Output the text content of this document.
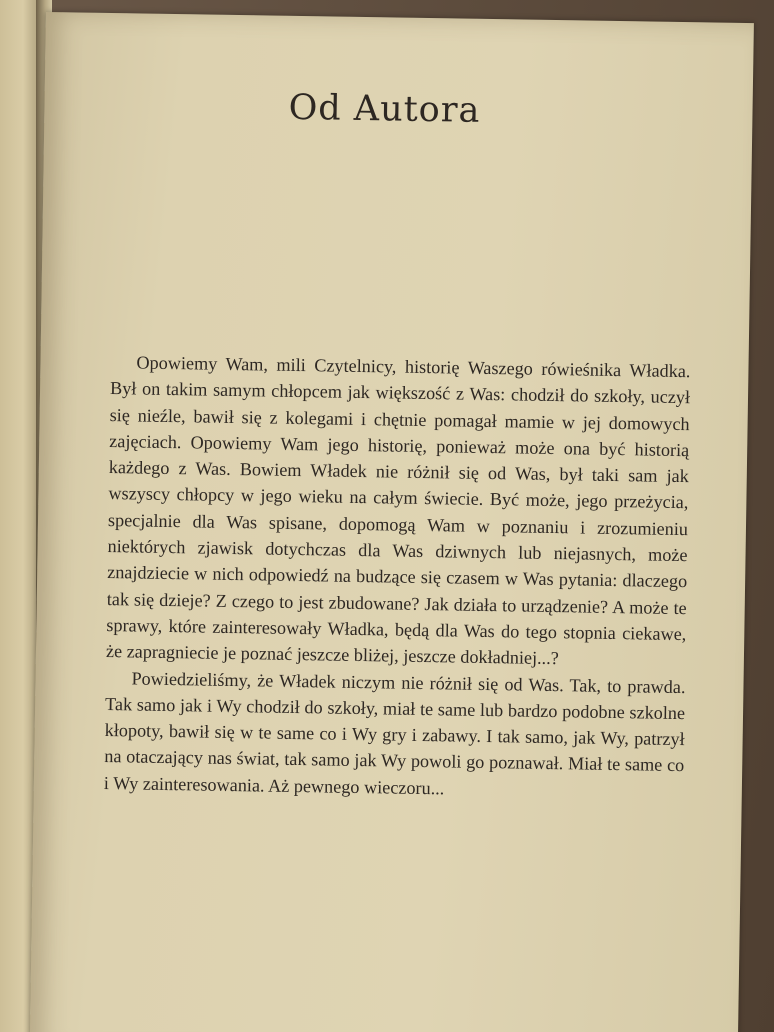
Od Autora

Opowiemy Wam, mili Czytelnicy, historię Waszego rówieśnika Władka. Był on takim samym chłopcem jak większość z Was: chodził do szkoły, uczył się nieźle, bawił się z kolegami i chętnie pomagał mamie w jej domowych zajęciach. Opowiemy Wam jego historię, ponieważ może ona być historią każdego z Was. Bowiem Władek nie różnił się od Was, był taki sam jak wszyscy chłopcy w jego wieku na całym świecie. Być może, jego przeżycia, specjalnie dla Was spisane, dopomogą Wam w poznaniu i zrozumieniu niektórych zjawisk dotychczas dla Was dziwnych lub niejasnych, może znajdziecie w nich odpowiedź na budzące się czasem w Was pytania: dlaczego tak się dzieje? Z czego to jest zbudowane? Jak działa to urządzenie? A może te sprawy, które zainteresowały Władka, będą dla Was do tego stopnia ciekawe, że zapragniecie je poznać jeszcze bliżej, jeszcze dokładniej...?

Powiedzieliśmy, że Władek niczym nie różnił się od Was. Tak, to prawda. Tak samo jak i Wy chodził do szkoły, miał te same lub bardzo podobne szkolne kłopoty, bawił się w te same co i Wy gry i zabawy. I tak samo, jak Wy, patrzył na otaczający nas świat, tak samo jak Wy powoli go poznawał. Miał te same co i Wy zainteresowania. Aż pewnego wieczoru...
